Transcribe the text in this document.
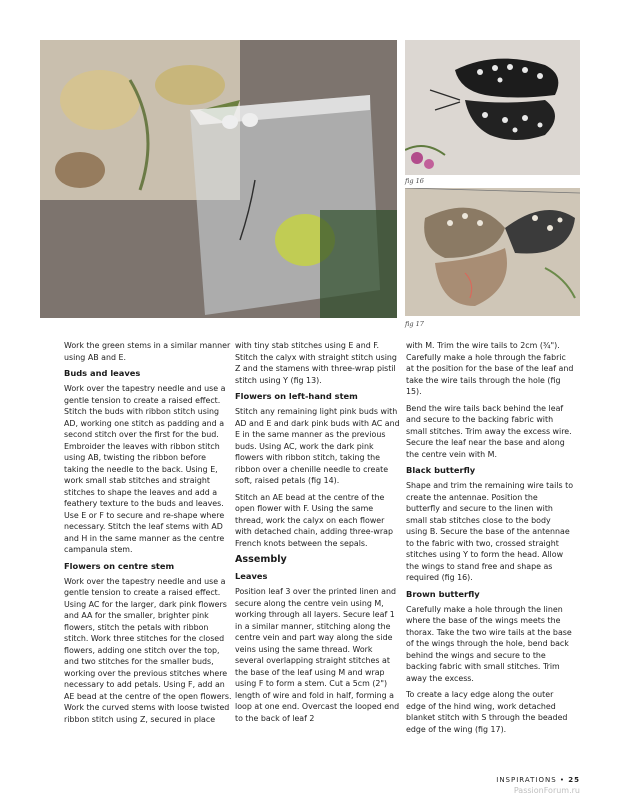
fig 16
fig 17

Work the green stems in a similar manner using AB and E.

Buds and leaves

Work over the tapestry needle and use a gentle tension to create a raised effect. Stitch the buds with ribbon stitch using AD, working one stitch as padding and a second stitch over the first for the bud. Embroider the leaves with ribbon stitch using AB, twisting the ribbon before taking the needle to the back. Using E, work small stab stitches and straight stitches to shape the leaves and add a feathery texture to the buds and leaves. Use E or F to secure and re-shape where necessary. Stitch the leaf stems with AD and H in the same manner as the centre campanula stem.

Flowers on centre stem

Work over the tapestry needle and use a gentle tension to create a raised effect. Using AC for the larger, dark pink flowers and AA for the smaller, brighter pink flowers, stitch the petals with ribbon stitch. Work three stitches for the closed flowers, adding one stitch over the top, and two stitches for the smaller buds, working over the previous stitches where necessary to add petals. Using F, add an AE bead at the centre of the open flowers. Work the curved stems with loose twisted ribbon stitch using Z, secured in place

with tiny stab stitches using E and F. Stitch the calyx with straight stitch using Z and the stamens with three-wrap pistil stitch using Y (fig 13).

Flowers on left-hand stem

Stitch any remaining light pink buds with AD and E and dark pink buds with AC and E in the same manner as the previous buds. Using AC, work the dark pink flowers with ribbon stitch, taking the ribbon over a chenille needle to create soft, raised petals (fig 14).

Stitch an AE bead at the centre of the open flower with F. Using the same thread, work the calyx on each flower with detached chain, adding three-wrap French knots between the sepals.

Assembly
Leaves

Position leaf 3 over the printed linen and secure along the centre vein using M, working through all layers. Secure leaf 1 in a similar manner, stitching along the centre vein and part way along the side veins using the same thread. Work several overlapping straight stitches at the base of the leaf using M and wrap using F to form a stem. Cut a 5cm (2") length of wire and fold in half, forming a loop at one end. Overcast the looped end to the back of leaf 2

with M. Trim the wire tails to 2cm (¾"). Carefully make a hole through the fabric at the position for the base of the leaf and take the wire tails through the hole (fig 15).

Bend the wire tails back behind the leaf and secure to the backing fabric with small stitches. Trim away the excess wire. Secure the leaf near the base and along the centre vein with M.

Black butterfly

Shape and trim the remaining wire tails to create the antennae. Position the butterfly and secure to the linen with small stab stitches close to the body using B. Secure the base of the antennae to the fabric with two, crossed straight stitches using Y to form the head. Allow the wings to stand free and shape as required (fig 16).

Brown butterfly

Carefully make a hole through the linen where the base of the wings meets the thorax. Take the two wire tails at the base of the wings through the hole, bend back behind the wings and secure to the backing fabric with small stitches. Trim away the excess.

To create a lacy edge along the outer edge of the hind wing, work detached blanket stitch with S through the beaded edge of the wing (fig 17).

INSPIRATIONS • 25
PassionForum.ru
